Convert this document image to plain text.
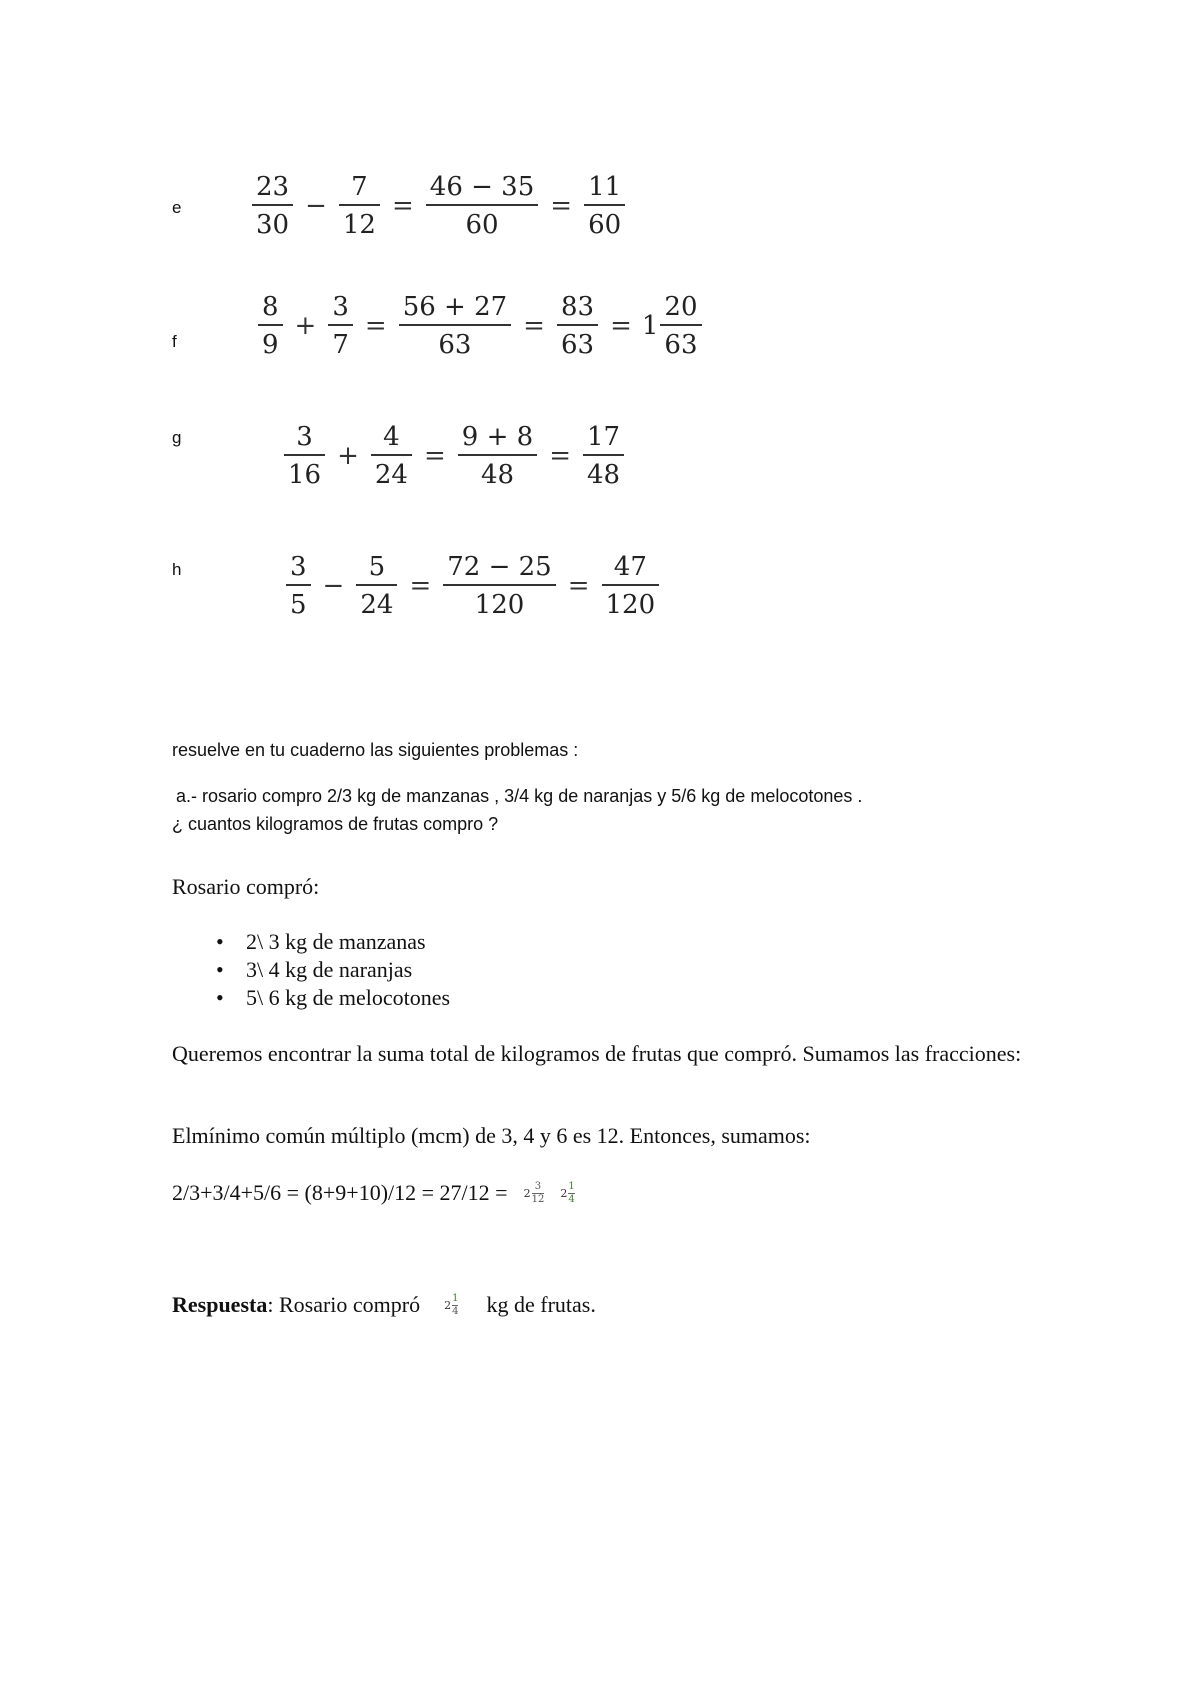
e	$\frac{23}{30} - \frac{7}{12} = \frac{46 - 35}{60} = \frac{11}{60}$
f	$\frac{8}{9} + \frac{3}{7} = \frac{56 + 27}{63} = \frac{83}{63} = 1 \frac{20}{63}$
g	$\frac{3}{16} + \frac{4}{24} = \frac{9 + 8}{48} = \frac{17}{48}$
h	$\frac{3}{5} - \frac{5}{24} = \frac{72 - 25}{120} = \frac{47}{120}$
resuelve en tu cuaderno las siguientes problemas :
a.- rosario compro 2/3 kg de manzanas , 3/4 kg de naranjas y 5/6 kg de melocotones .
¿ cuantos kilogramos de frutas compro ?
Rosario compró:
• 2\ 3 kg de manzanas
• 3\ 4 kg de naranjas
• 5\ 6 kg de melocotones
Queremos encontrar la suma total de kilogramos de frutas que compró. Sumamos las fracciones:
Elmínimo común múltiplo (mcm) de 3, 4 y 6 es 12. Entonces, sumamos:
2/3+3/4+5/6 = (8+9+10)/12 = 27/12 = 2
3
12 2
1
4
Respuesta : Rosario compró 2
1
4 kg de frutas.
